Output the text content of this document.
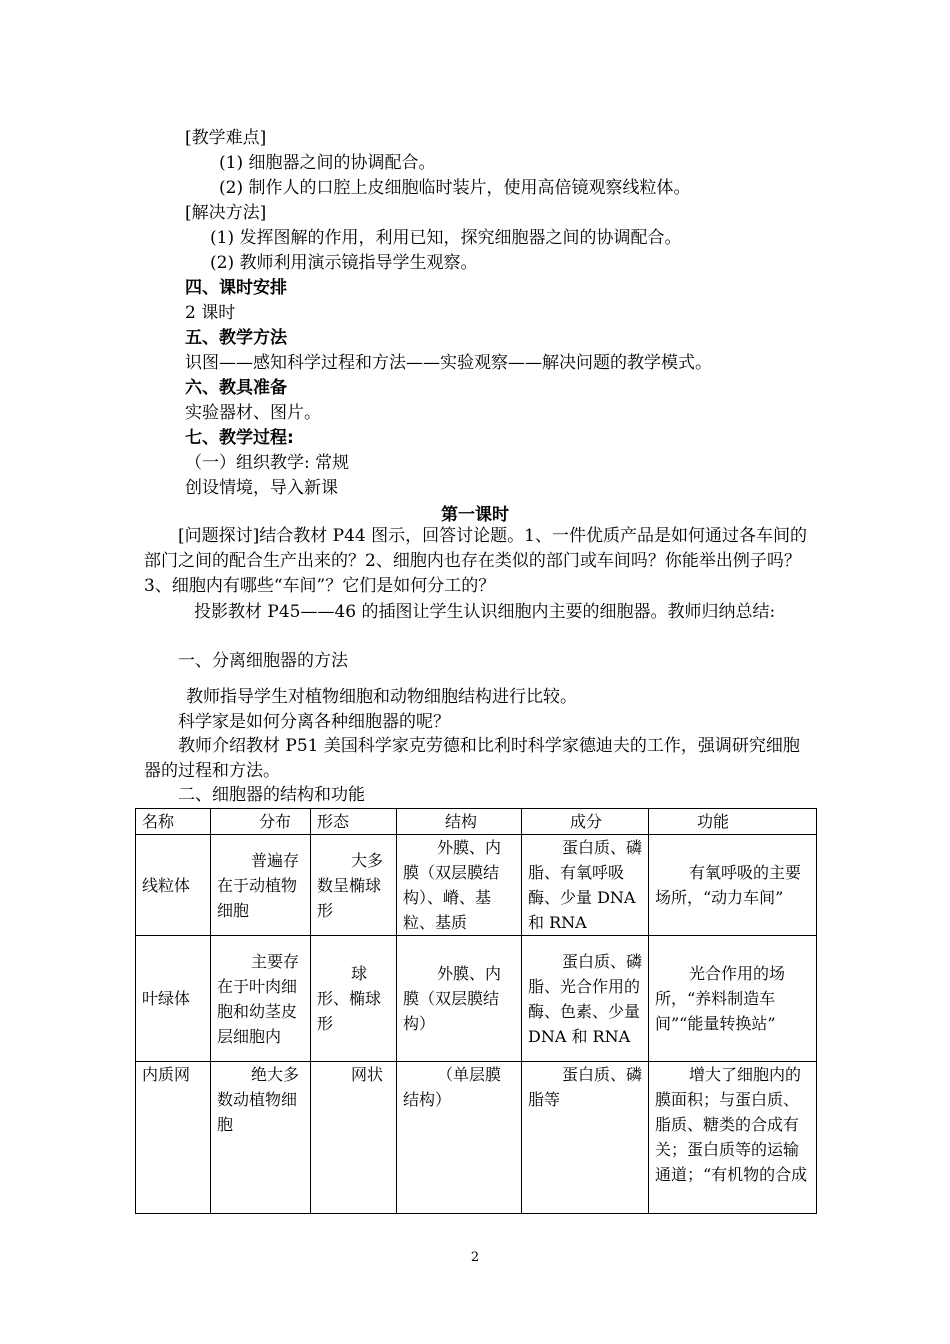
[教学难点]
(1) 细胞器之间的协调配合。
(2) 制作人的口腔上皮细胞临时装片，使用高倍镜观察线粒体。
[解决方法]
(1) 发挥图解的作用，利用已知，探究细胞器之间的协调配合。
(2) 教师利用演示镜指导学生观察。
四、课时安排
2 课时
五、教学方法
识图——感知科学过程和方法——实验观察——解决问题的教学模式。
六、教具准备
实验器材、图片。
七、教学过程:
（一）组织教学: 常规
创设情境，导入新课
第一课时
[问题探讨]结合教材 P44 图示，回答讨论题。1、一件优质产品是如何通过各车间的部门之间的配合生产出来的？2、细胞内也存在类似的部门或车间吗？你能举出例子吗？3、细胞内有哪些“车间”？它们是如何分工的？
投影教材 P45——46 的插图让学生认识细胞内主要的细胞器。教师归纳总结:
一、分离细胞器的方法
教师指导学生对植物细胞和动物细胞结构进行比较。
科学家是如何分离各种细胞器的呢？
教师介绍教材 P51 美国科学家克劳德和比利时科学家德迪夫的工作，强调研究细胞器的过程和方法。
二、细胞器的结构和功能
名称	分布	形态	结构	成分	功能
线粒体	普遍存在于动植物细胞	大多数呈椭球形	外膜、内膜（双层膜结构）、嵴、基粒、基质	蛋白质、磷脂、有氧呼吸酶、少量 DNA 和 RNA	有氧呼吸的主要场所，“动力车间”
叶绿体	主要存在于叶肉细胞和幼茎皮层细胞内	球形、椭球形	外膜、内膜（双层膜结构）	蛋白质、磷脂、光合作用的酶、色素、少量 DNA 和 RNA	光合作用的场所，“养料制造车间”“能量转换站”
内质网	绝大多数动植物细胞	网状	（单层膜结构）	蛋白质、磷脂等	增大了细胞内的膜面积；与蛋白质、脂质、糖类的合成有关；蛋白质等的运输通道；“有机物的合成
2
